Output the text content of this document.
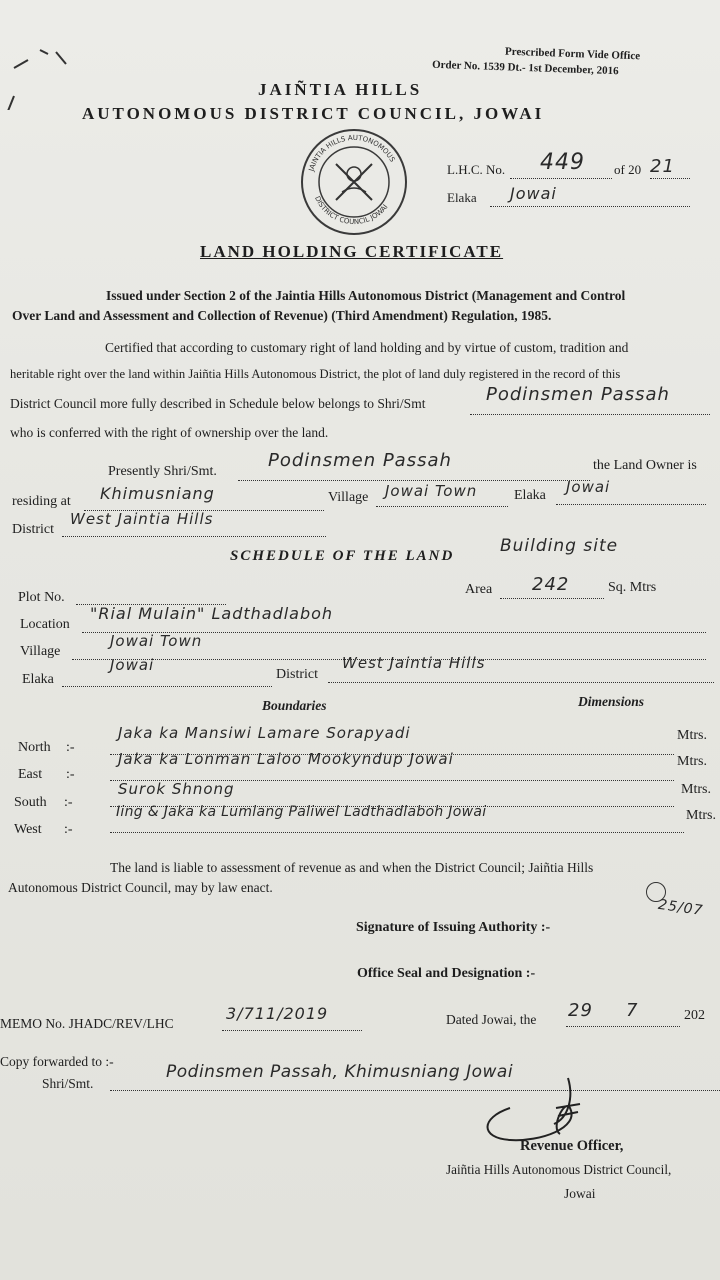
Prescribed Form Vide Office
Order No. 1539 Dt.- 1st December, 2016
JAIÑTIA HILLS
AUTONOMOUS DISTRICT COUNCIL, JOWAI
JAINTIA HILLS AUTONOMOUS
DISTRICT COUNCIL JOWAI
L.H.C. No. 449 of 20 21
Elaka Jowai
LAND HOLDING CERTIFICATE
Issued under Section 2 of the Jaintia Hills Autonomous District (Management and Control
Over Land and Assessment and Collection of Revenue) (Third Amendment) Regulation, 1985.
Certified that according to customary right of land holding and by virtue of custom, tradition and
heritable right over the land within Jaiñtia Hills Autonomous District, the plot of land duly registered in the record of this
District Council more fully described in Schedule below belongs to Shri/Smt	Podinsmen Passah
who is conferred with the right of ownership over the land.
Presently Shri/Smt.
Podinsmen Passah	the Land Owner is
residing at Khimusniang	Village Jowai Town	Elaka Jowai
District
West Jaintia Hills
SCHEDULE OF THE LAND	Building site
Area 242	Sq. Mtrs
Plot No.
Location
"Rial Mulain" Ladthadlaboh
Village
Jowai Town
Elaka
Jowai
District
West Jaintia Hills
Boundaries	Dimensions
North :-
Jaka ka Mansiwi Lamare Sorapyadi	Mtrs.
East :-
Jaka ka Lonman Laloo Mookyndup Jowai	Mtrs.
South :-
Surok Shnong	Mtrs.
West :-
Iing & Jaka ka Lumlang Paliwel Ladthadlaboh Jowai	Mtrs.
The land is liable to assessment of revenue as and when the District Council; Jaiñtia Hills
Autonomous District Council, may by law enact.
25/07
Signature of Issuing Authority :-
Office Seal and Designation :-
MEMO No. JHADC/REV/LHC
3/711/2019	Dated Jowai, the 29 7	202
Copy forwarded to :-
Shri/Smt.
Podinsmen Passah, Khimusniang Jowai
Revenue Officer,
Jaiñtia Hills Autonomous District Council,
Jowai
